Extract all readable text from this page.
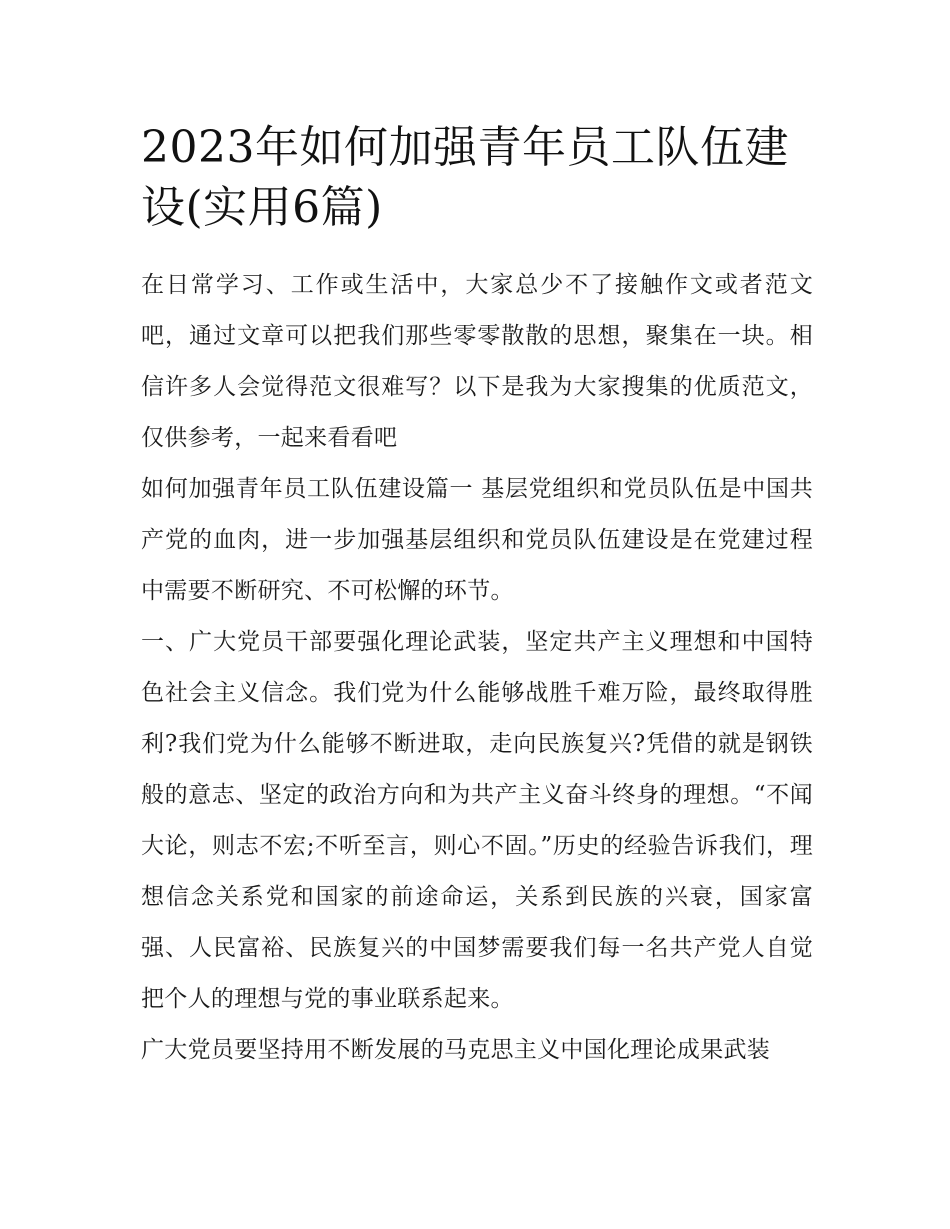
2023年如何加强青年员工队伍建设(实用6篇)

在日常学习、工作或生活中，大家总少不了接触作文或者范文吧，通过文章可以把我们那些零零散散的思想，聚集在一块。相信许多人会觉得范文很难写？以下是我为大家搜集的优质范文，仅供参考，一起来看看吧

如何加强青年员工队伍建设篇一 基层党组织和党员队伍是中国共产党的血肉，进一步加强基层组织和党员队伍建设是在党建过程中需要不断研究、不可松懈的环节。

一、广大党员干部要强化理论武装，坚定共产主义理想和中国特色社会主义信念。我们党为什么能够战胜千难万险，最终取得胜利?我们党为什么能够不断进取，走向民族复兴?凭借的就是钢铁般的意志、坚定的政治方向和为共产主义奋斗终身的理想。“不闻大论，则志不宏;不听至言，则心不固。”历史的经验告诉我们，理想信念关系党和国家的前途命运，关系到民族的兴衰，国家富强、人民富裕、民族复兴的中国梦需要我们每一名共产党人自觉把个人的理想与党的事业联系起来。

广大党员要坚持用不断发展的马克思主义中国化理论成果武装
